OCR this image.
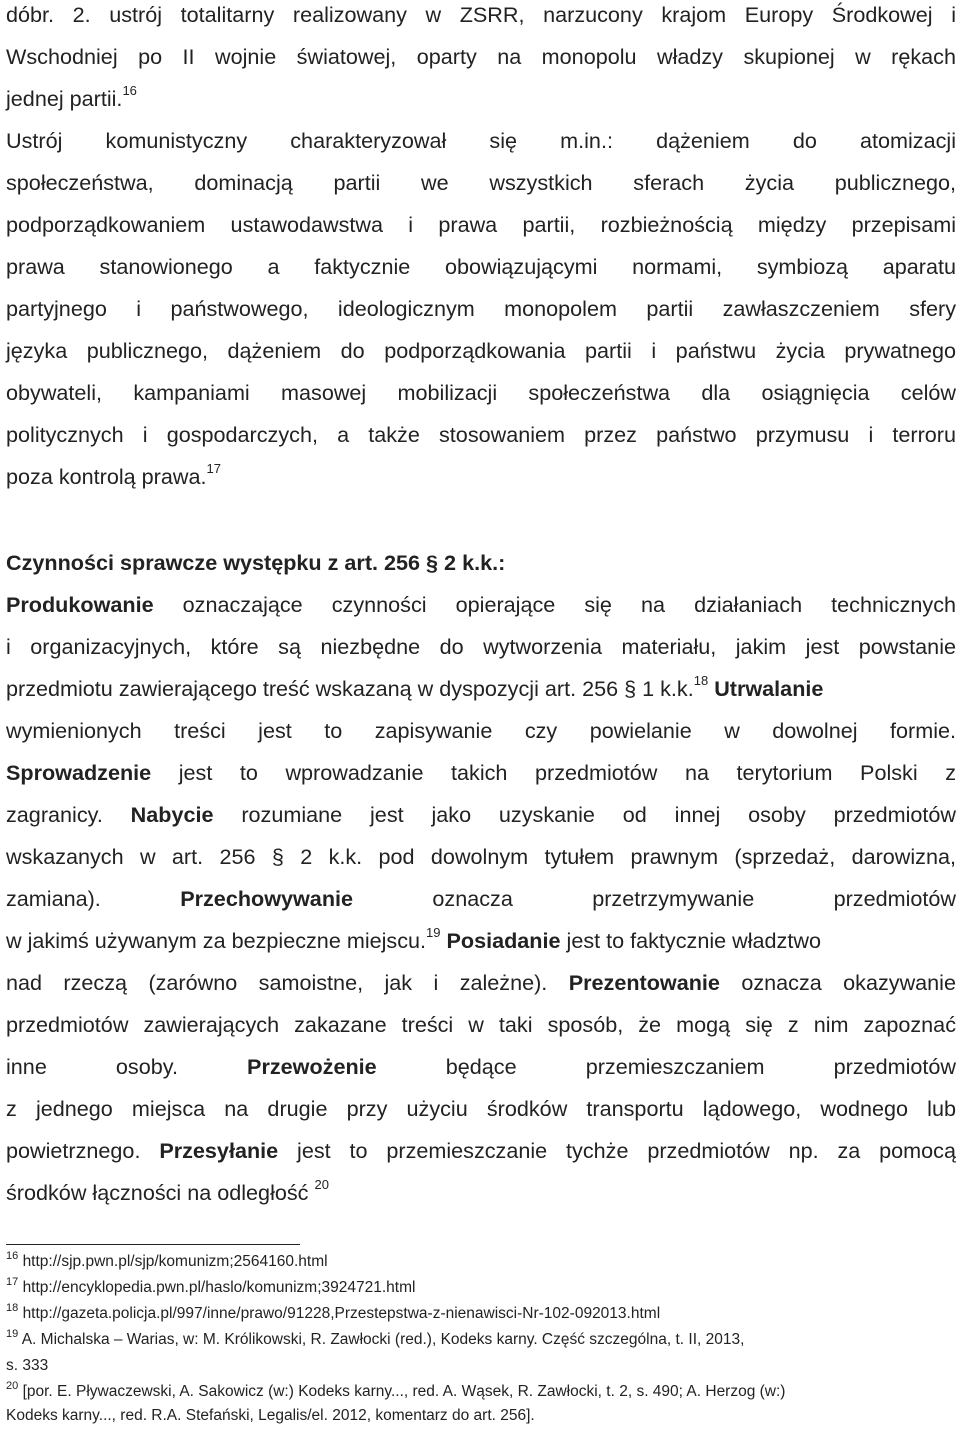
dóbr. 2. ustrój totalitarny realizowany w ZSRR, narzucony krajom Europy Środkowej i
Wschodniej po II wojnie światowej, oparty na monopolu władzy skupionej w rękach
jednej partii.$^{16}$
Ustrój komunistyczny charakteryzował się m.in.: dążeniem do atomizacji
społeczeństwa, dominacją partii we wszystkich sferach życia publicznego,
podporządkowaniem ustawodawstwa i prawa partii, rozbieżnością między przepisami
prawa stanowionego a faktycznie obowiązującymi normami, symbiozą aparatu
partyjnego i państwowego, ideologicznym monopolem partii zawłaszczeniem sfery
języka publicznego, dążeniem do podporządkowania partii i państwu życia prywatnego
obywateli, kampaniami masowej mobilizacji społeczeństwa dla osiągnięcia celów
politycznych i gospodarczych, a także stosowaniem przez państwo przymusu i terroru
poza kontrolą prawa.$^{17}$
Czynności sprawcze występku z art. 256 § 2 k.k.:
Produkowanie oznaczające czynności opierające się na działaniach technicznych
i organizacyjnych, które są niezbędne do wytworzenia materiału, jakim jest powstanie
przedmiotu zawierającego treść wskazaną w dyspozycji art. 256 § 1 k.k.$^{18}$ Utrwalanie
wymienionych treści jest to zapisywanie czy powielanie w dowolnej formie.
Sprowadzenie jest to wprowadzanie takich przedmiotów na terytorium Polski z
zagranicy. Nabycie rozumiane jest jako uzyskanie od innej osoby przedmiotów
wskazanych w art. 256 § 2 k.k. pod dowolnym tytułem prawnym (sprzedaż, darowizna,
zamiana). Przechowywanie oznacza przetrzymywanie przedmiotów
w jakimś używanym za bezpieczne miejscu.$^{19}$ Posiadanie jest to faktycznie władztwo
nad rzeczą (zarówno samoistne, jak i zależne). Prezentowanie oznacza okazywanie
przedmiotów zawierających zakazane treści w taki sposób, że mogą się z nim zapoznać
inne osoby. Przewożenie będące przemieszczaniem przedmiotów
z jednego miejsca na drugie przy użyciu środków transportu lądowego, wodnego lub
powietrznego. Przesyłanie jest to przemieszczanie tychże przedmiotów np. za pomocą
środków łączności na odległość $^{20}$
$^{16}$ http://sjp.pwn.pl/sjp/komunizm;2564160.html
$^{17}$ http://encyklopedia.pwn.pl/haslo/komunizm;3924721.html
$^{18}$ http://gazeta.policja.pl/997/inne/prawo/91228,Przestepstwa-z-nienawisci-Nr-102-092013.html
$^{19}$ A. Michalska – Warias, w: M. Królikowski, R. Zawłocki (red.), Kodeks karny. Część szczególna, t. II, 2013,
s. 333
$^{20}$ [por. E. Pływaczewski, A. Sakowicz (w:) Kodeks karny..., red. A. Wąsek, R. Zawłocki, t. 2, s. 490; A. Herzog (w:)
Kodeks karny..., red. R.A. Stefański, Legalis/el. 2012, komentarz do art. 256].
